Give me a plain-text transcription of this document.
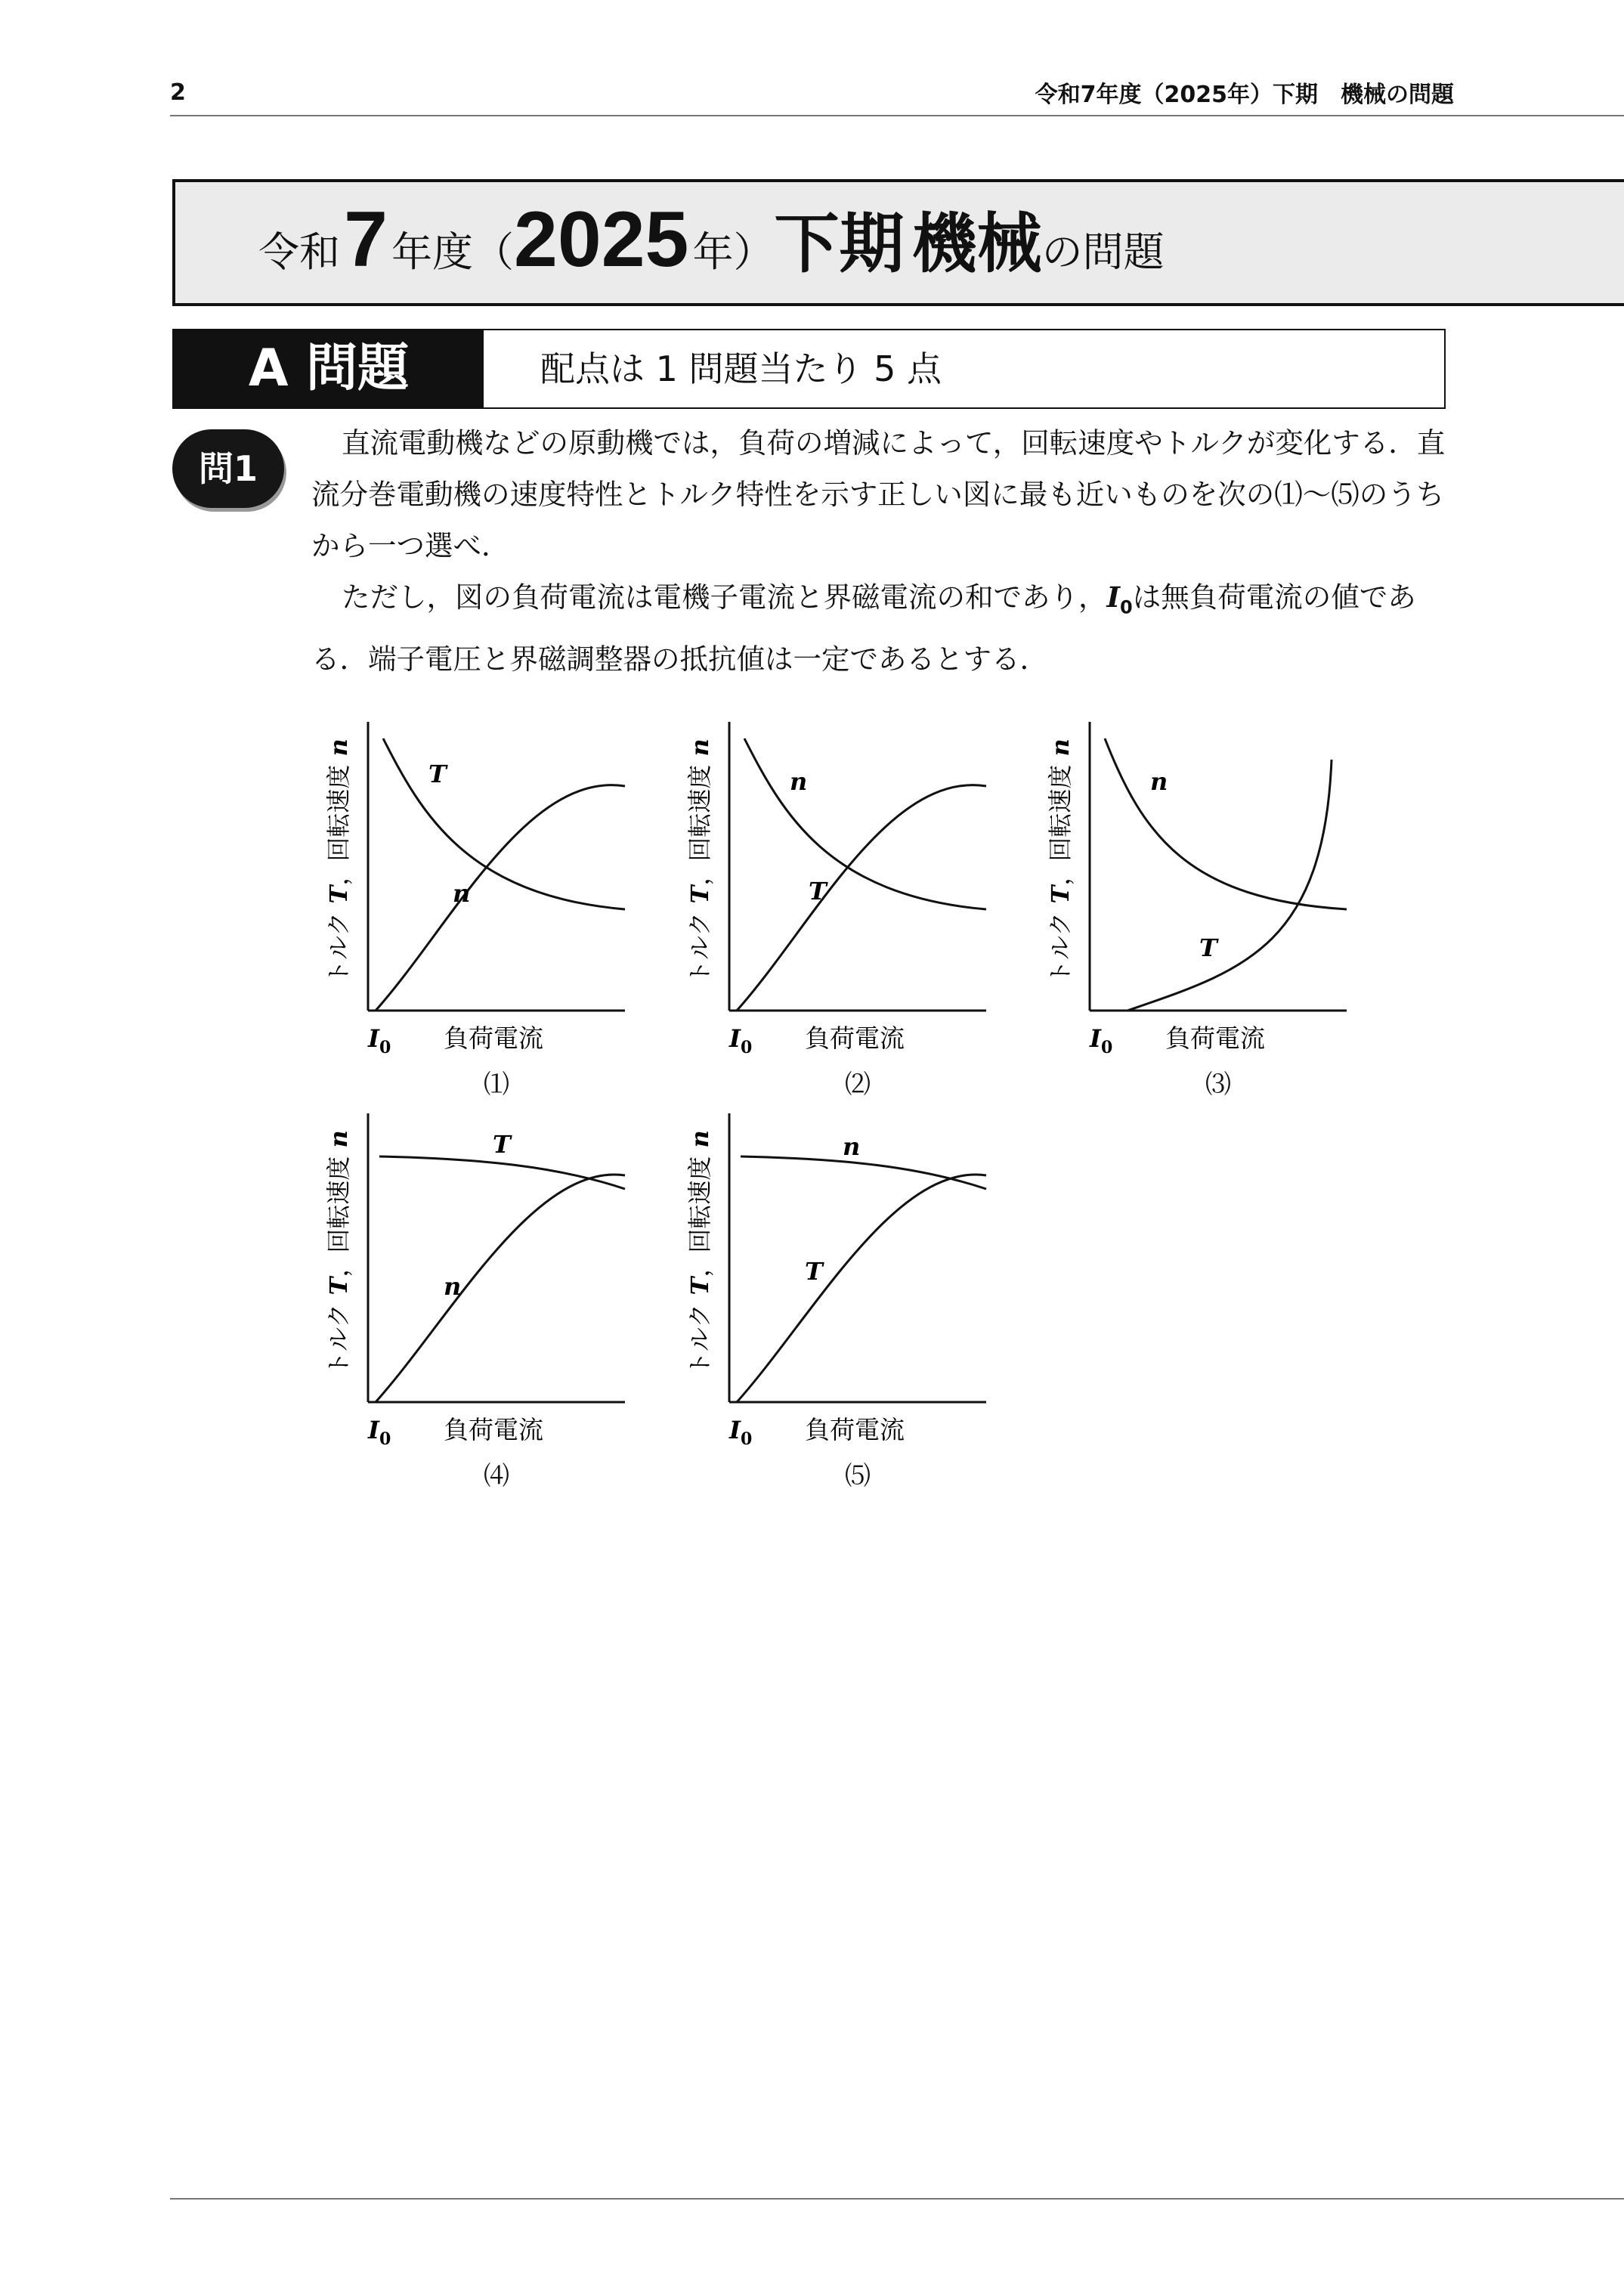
2	令和7年度（2025年）下期　機械の問題
令和 7 年度（2025 年）下期 機械の問題
A 問題	配点は 1 問題当たり 5 点
問1

直流電動機などの原動機では，負荷の増減によって，回転速度やトルクが変化する．直流分巻電動機の速度特性とトルク特性を示す正しい図に最も近いものを次の⑴～⑸のうちから一つ選べ．

ただし，図の負荷電流は電機子電流と界磁電流の和であり，$I_0$は無負荷電流の値である．端子電圧と界磁調整器の抵抗値は一定であるとする．

T
n
$I_0$ 負荷電流
トルク T，回転速度 n
⑴
n
T
$I_0$ 負荷電流
トルク T，回転速度 n
⑵
n
T
$I_0$ 負荷電流
トルク T，回転速度 n
⑶
T
n
$I_0$ 負荷電流
トルク T，回転速度 n
⑷
n
T
$I_0$ 負荷電流
トルク T，回転速度 n
⑸
